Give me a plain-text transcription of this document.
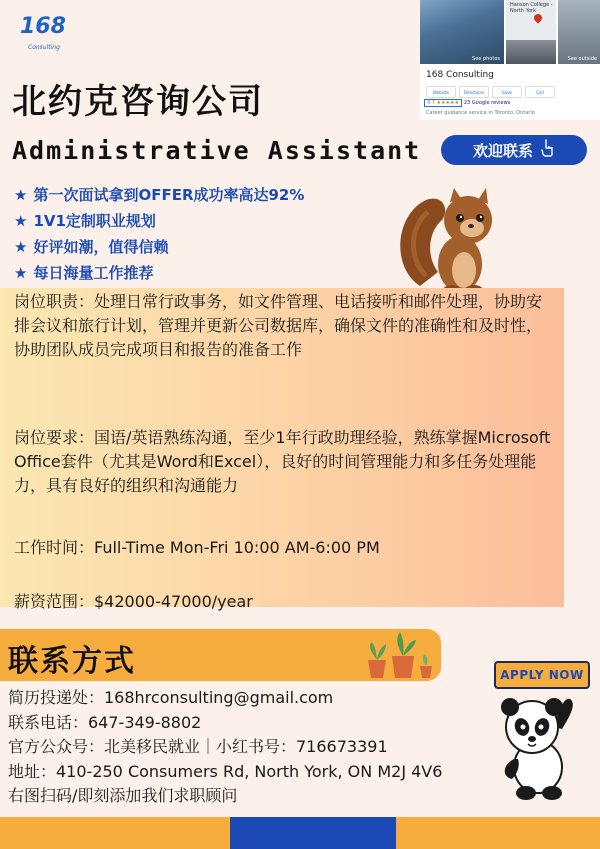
168
Consulting
See photos
Hanson College - North York
See outside
168 Consulting
Website	Directions	Save	Call
4.7 ★★★★★	23 Google reviews
Career guidance service in Toronto, Ontario
北约克咨询公司
Administrative Assistant	欢迎联系
★ 第一次面试拿到OFFER成功率高达92%
★ 1V1定制职业规划
★ 好评如潮，值得信赖
★ 每日海量工作推荐
岗位职责：处理日常行政事务，如文件管理、电话接听和邮件处理，协助安排会议和旅行计划，管理并更新公司数据库，确保文件的准确性和及时性，协助团队成员完成项目和报告的准备工作
岗位要求：国语/英语熟练沟通，至少1年行政助理经验，熟练掌握Microsoft Office套件（尤其是Word和Excel），良好的时间管理能力和多任务处理能力，具有良好的组织和沟通能力
工作时间：Full-Time Mon-Fri 10:00 AM-6:00 PM
薪资范围：$42000-47000/year
联系方式	APPLY NOW
简历投递处：168hrconsulting@gmail.com
联系电话：647-349-8802
官方公众号：北美移民就业｜小红书号：716673391
地址：410-250 Consumers Rd, North York, ON M2J 4V6
右图扫码/即刻添加我们求职顾问
